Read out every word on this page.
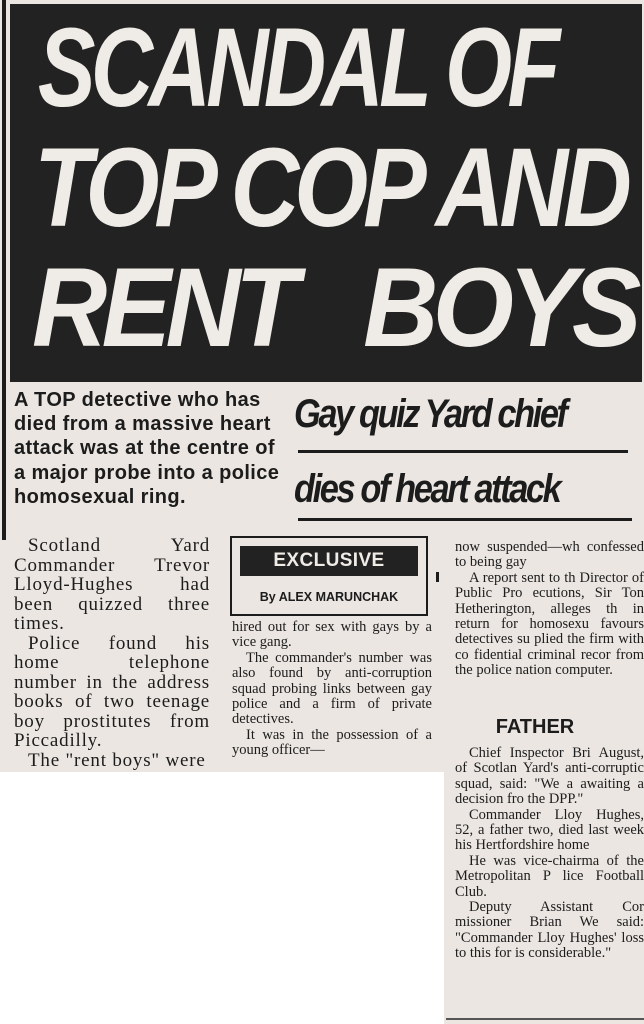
SCANDAL OF
TOP COP AND
RENT BOYS
A TOP detective who has died from a massive heart attack was at the centre of a major probe into a police homosexual ring.
Gay quiz Yard chief
dies of heart attack

Scotland Yard Commander Trevor Lloyd-Hughes had been quizzed three times.

Police found his home telephone number in the address books of two teenage boy prostitutes from Piccadilly.

The "rent boys" were

EXCLUSIVE
By ALEX MARUNCHAK

hired out for sex with gays by a vice gang.

The commander's number was also found by anti-corruption squad probing links between gay police and a firm of private detectives.

It was in the possession of a young officer—

now suspended—wh confessed to being gay

A report sent to th Director of Public Pro ecutions, Sir Ton Hetherington, alleges th in return for homosexu favours detectives su plied the firm with co fidential criminal recor from the police nation computer.

FATHER

Chief Inspector Bri August, of Scotlan Yard's anti-corruptic squad, said: "We a awaiting a decision fro the DPP."

Commander Lloy Hughes, 52, a father two, died last week his Hertfordshire home

He was vice-chairma of the Metropolitan P lice Football Club.

Deputy Assistant Cor missioner Brian We said: "Commander Lloy Hughes' loss to this for is considerable."
